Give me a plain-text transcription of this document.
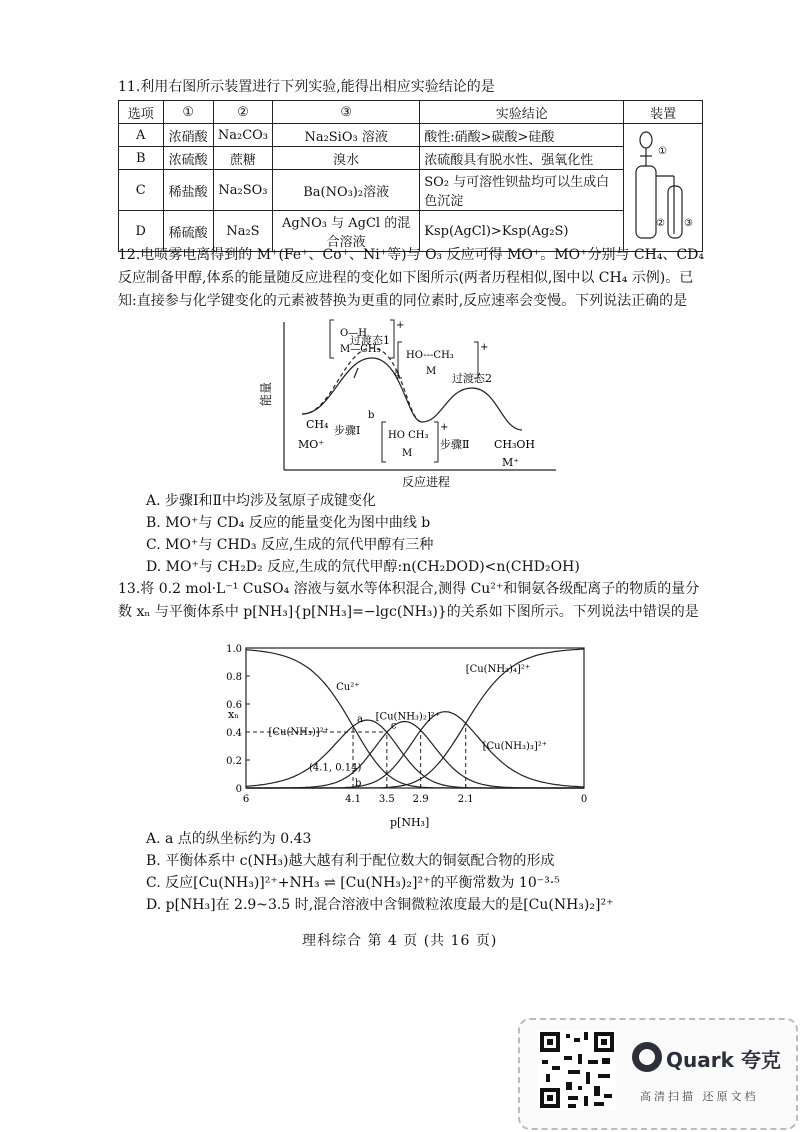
11.利用右图所示装置进行下列实验,能得出相应实验结论的是
选项	①	②	③	实验结论	装置
A	浓硝酸	Na₂CO₃	Na₂SiO₃ 溶液	酸性:硝酸>碳酸>硅酸	①
② ③

B	浓硫酸	蔗糖	溴水	浓硫酸具有脱水性、强氧化性	
C	稀盐酸	Na₂SO₃	Ba(NO₃)₂溶液	SO₂ 与可溶性钡盐均可以生成白色沉淀	
D	稀硫酸	Na₂S	AgNO₃ 与 AgCl 的混合溶液	Ksp(AgCl)>Ksp(Ag₂S)	
12.电喷雾电离得到的 M⁺(Fe⁺、Co⁺、Ni⁺等)与 O₃ 反应可得 MO⁺。MO⁺分别与 CH₄、CD₄反应制备甲醇,体系的能量随反应进程的变化如下图所示(两者历程相似,图中以 CH₄ 示例)。已知:直接参与化学键变化的元素被替换为更重的同位素时,反应速率会变慢。下列说法正确的是
能量
反应进程
过渡态1
过渡态2
a
b
CH₄
MO⁺
步骤Ⅰ
步骤Ⅱ CH₃OH
M⁺
O—H
M—CH₃
+
HO---CH₃
M
+
HO CH₃
M
+
A. 步骤Ⅰ和Ⅱ中均涉及氢原子成键变化
B. MO⁺与 CD₄ 反应的能量变化为图中曲线 b
C. MO⁺与 CHD₃ 反应,生成的氘代甲醇有三种
D. MO⁺与 CH₂D₂ 反应,生成的氘代甲醇:n(CH₂DOD)<n(CHD₂OH)
13.将 0.2 mol·L⁻¹ CuSO₄ 溶液与氨水等体积混合,测得 Cu²⁺和铜氨各级配离子的物质的量分数 xₙ 与平衡体系中 p[NH₃]{p[NH₃]=−lgc(NH₃)}的关系如下图所示。下列说法中错误的是
p[NH₃]
xₙ
0
0.2
0.4
0.6
0.8
1.0
6	4.1 3.5 2.9	2.1	0
Cu²⁺
[Cu(NH₃)]²⁺
[Cu(NH₃)₂]²⁺
[Cu(NH₃)₃]²⁺
[Cu(NH₃)₄]²⁺
a
b
c
(4.1, 0.14)
A. a 点的纵坐标约为 0.43
B. 平衡体系中 c(NH₃)越大越有利于配位数大的铜氨配合物的形成
C. 反应[Cu(NH₃)]²⁺+NH₃ ⇌ [Cu(NH₃)₂]²⁺的平衡常数为 10⁻³·⁵
D. p[NH₃]在 2.9~3.5 时,混合溶液中含铜微粒浓度最大的是[Cu(NH₃)₂]²⁺
理科综合 第 4 页 (共 16 页)
Quark 夸克
高清扫描 还原文档
